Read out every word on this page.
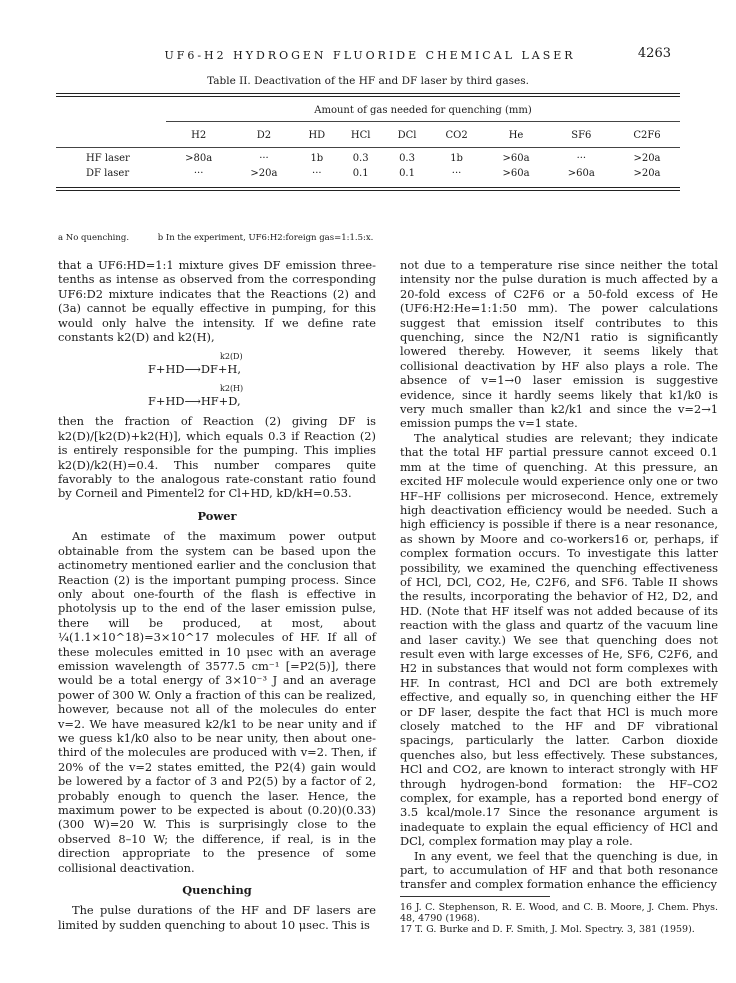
UF6-H2 HYDROGEN FLUORIDE CHEMICAL LASER	4263
Table II. Deactivation of the HF and DF laser by third gases.
Amount of gas needed for quenching (mm)
	H2	D2	HD	HCl	DCl	CO2	He	SF6	C2F6

HF laser	>80a	···	1b	0.3	0.3	1b	>60a	···	>20a
DF laser	···	>20a	···	0.1	0.1	···	>60a	>60a	>20a
a No quenching.	b In the experiment, UF6:H2:foreign gas=1:1.5:x.

that a UF6:HD=1:1 mixture gives DF emission three-tenths as intense as observed from the corresponding UF6:D2 mixture indicates that the Reactions (2) and (3a) cannot be equally effective in pumping, for this would only halve the intensity. If we define rate constants k2(D) and k2(H),

k2(D)
F+HD⟶DF+H,
k2(H)
F+HD⟶HF+D,

then the fraction of Reaction (2) giving DF is k2(D)/[k2(D)+k2(H)], which equals 0.3 if Reaction (2) is entirely responsible for the pumping. This implies k2(D)/k2(H)=0.4. This number compares quite favorably to the analogous rate-constant ratio found by Corneil and Pimentel2 for Cl+HD, kD/kH=0.53.

Power

An estimate of the maximum power output obtainable from the system can be based upon the actinometry mentioned earlier and the conclusion that Reaction (2) is the important pumping process. Since only about one-fourth of the flash is effective in photolysis up to the end of the laser emission pulse, there will be produced, at most, about ¼(1.1×10^18)=3×10^17 molecules of HF. If all of these molecules emitted in 10 μsec with an average emission wavelength of 3577.5 cm⁻¹ [=P2(5)], there would be a total energy of 3×10⁻³ J and an average power of 300 W. Only a fraction of this can be realized, however, because not all of the molecules do enter v=2. We have measured k2/k1 to be near unity and if we guess k1/k0 also to be near unity, then about one-third of the molecules are produced with v=2. Then, if 20% of the v=2 states emitted, the P2(4) gain would be lowered by a factor of 3 and P2(5) by a factor of 2, probably enough to quench the laser. Hence, the maximum power to be expected is about (0.20)(0.33)(300 W)=20 W. This is surprisingly close to the observed 8–10 W; the difference, if real, is in the direction appropriate to the presence of some collisional deactivation.

Quenching

The pulse durations of the HF and DF lasers are limited by sudden quenching to about 10 μsec. This is

not due to a temperature rise since neither the total intensity nor the pulse duration is much affected by a 20-fold excess of C2F6 or a 50-fold excess of He (UF6:H2:He=1:1:50 mm). The power calculations suggest that emission itself contributes to this quenching, since the N2/N1 ratio is significantly lowered thereby. However, it seems likely that collisional deactivation by HF also plays a role. The absence of v=1→0 laser emission is suggestive evidence, since it hardly seems likely that k1/k0 is very much smaller than k2/k1 and since the v=2→1 emission pumps the v=1 state.

The analytical studies are relevant; they indicate that the total HF partial pressure cannot exceed 0.1 mm at the time of quenching. At this pressure, an excited HF molecule would experience only one or two HF–HF collisions per microsecond. Hence, extremely high deactivation efficiency would be needed. Such a high efficiency is possible if there is a near resonance, as shown by Moore and co-workers16 or, perhaps, if complex formation occurs. To investigate this latter possibility, we examined the quenching effectiveness of HCl, DCl, CO2, He, C2F6, and SF6. Table II shows the results, incorporating the behavior of H2, D2, and HD. (Note that HF itself was not added because of its reaction with the glass and quartz of the vacuum line and laser cavity.) We see that quenching does not result even with large excesses of He, SF6, C2F6, and H2 in substances that would not form complexes with HF. In contrast, HCl and DCl are both extremely effective, and equally so, in quenching either the HF or DF laser, despite the fact that HCl is much more closely matched to the HF and DF vibrational spacings, particularly the latter. Carbon dioxide quenches also, but less effectively. These substances, HCl and CO2, are known to interact strongly with HF through hydrogen-bond formation: the HF–CO2 complex, for example, has a reported bond energy of 3.5 kcal/mole.17 Since the resonance argument is inadequate to explain the equal efficiency of HCl and DCl, complex formation may play a role.

In any event, we feel that the quenching is due, in part, to accumulation of HF and that both resonance transfer and complex formation enhance the efficiency

16 J. C. Stephenson, R. E. Wood, and C. B. Moore, J. Chem. Phys. 48, 4790 (1968).

17 T. G. Burke and D. F. Smith, J. Mol. Spectry. 3, 381 (1959).
